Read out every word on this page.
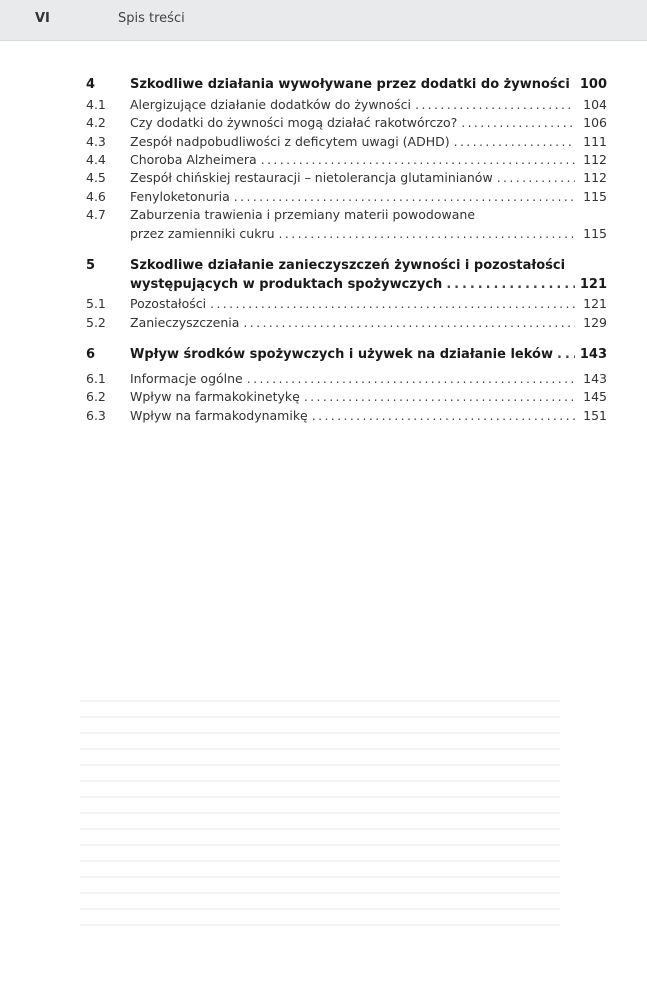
VI	Spis treści
4	Szkodliwe działania wywoływane przez dodatki do żywności . . . 100
4.1	Alergizujące działanie dodatków do żywności . . .	104
4.2	Czy dodatki do żywności mogą działać rakotwórczo? . . .	106
4.3	Zespół nadpobudliwości z deficytem uwagi (ADHD) . . .	111
4.4	Choroba Alzheimera . . .	112
4.5	Zespół chińskiej restauracji – nietolerancja glutaminianów . . .	112
4.6	Fenyloketonuria . . .	115
4.7	Zaburzenia trawienia i przemiany materii powodowane
przez zamienniki cukru . . .	115
5	Szkodliwe działanie zanieczyszczeń żywności i pozostałości
występujących w produktach spożywczych . . .	121
5.1	Pozostałości . . .	121
5.2	Zanieczyszczenia . . .	129
6	Wpływ środków spożywczych i używek na działanie leków . . . 143
6.1	Informacje ogólne . . .	143
6.2	Wpływ na farmakokinetykę . . .	145
6.3	Wpływ na farmakodynamikę . . .	151
